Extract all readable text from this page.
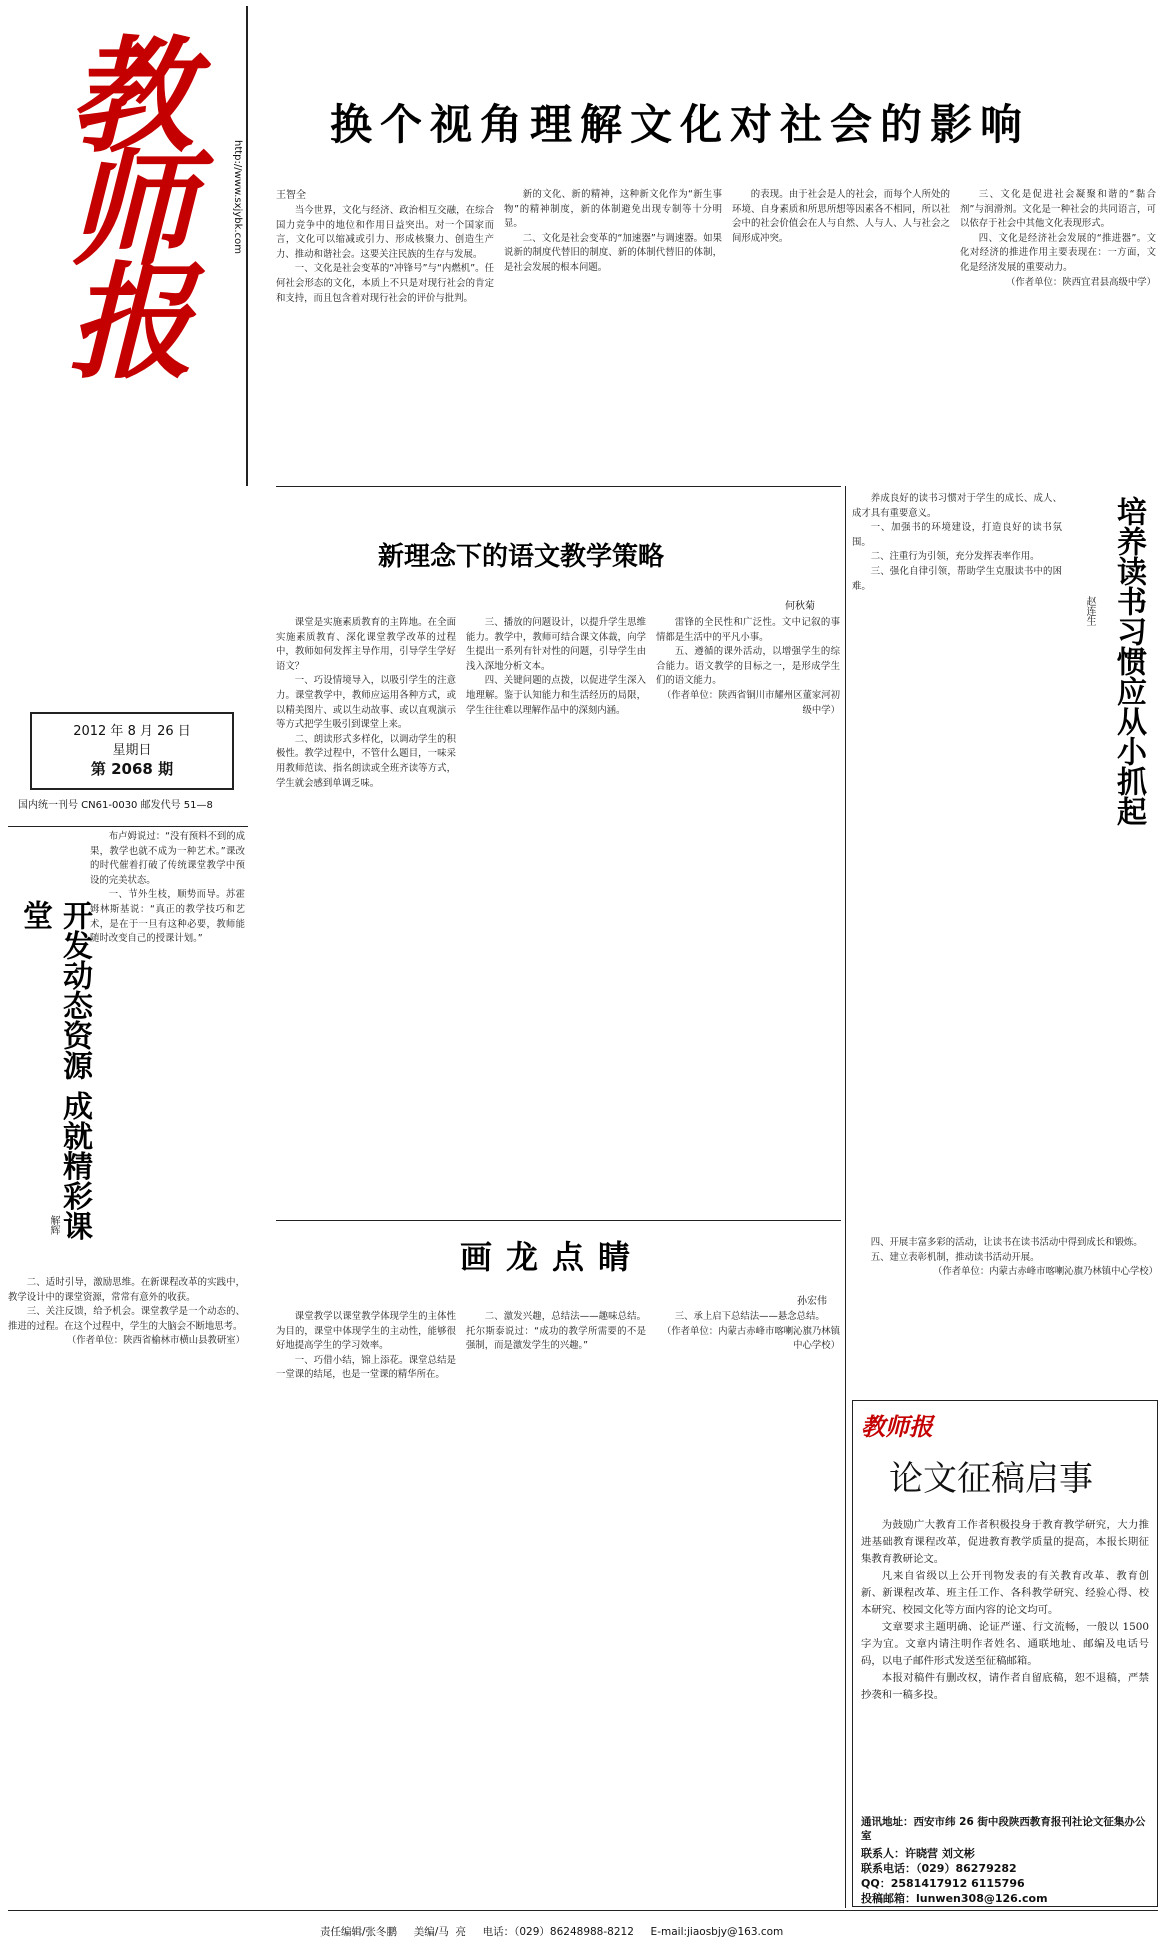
教师报	http://www.sxjybk.com
2012 年 8 月 26 日
星期日
第 2068 期
国内统一刊号 CN61-0030 邮发代号 51—8
换个视角理解文化对社会的影响
王智全

当今世界，文化与经济、政治相互交融，在综合国力竞争中的地位和作用日益突出。对一个国家而言，文化可以缩减或引力、形成核聚力、创造生产力、推动和谐社会。这要关注民族的生存与发展。

一、文化是社会变革的“冲锋号”与“内燃机”。任何社会形态的文化，本质上不只是对现行社会的肯定和支持，而且包含着对现行社会的评价与批判。

新的文化、新的精神，这种新文化作为“新生事物”的精神制度，新的体制避免出现专制等十分明显。

二、文化是社会变革的“加速器”与调速器。如果说新的制度代替旧的制度、新的体制代替旧的体制，是社会发展的根本问题。

的表现。由于社会是人的社会，而每个人所处的环境、自身素质和所思所想等因素各不相同，所以社会中的社会价值会在人与自然、人与人、人与社会之间形成冲突。

三、文化是促进社会凝聚和谐的“黏合剂”与润滑剂。文化是一种社会的共同语言，可以依存于社会中其他文化表现形式。

四、文化是经济社会发展的“推进器”。文化对经济的推进作用主要表现在：一方面，文化是经济发展的重要动力。

（作者单位：陕西宜君县高级中学）

新理念下的语文教学策略
何秋菊

课堂是实施素质教育的主阵地。在全面实施素质教育、深化课堂教学改革的过程中，教师如何发挥主导作用，引导学生学好语文？

一、巧设情境导入，以吸引学生的注意力。课堂教学中，教师应运用各种方式，或以精美图片、或以生动故事、或以直观演示等方式把学生吸引到课堂上来。

二、朗读形式多样化，以调动学生的积极性。教学过程中，不管什么题目，一味采用教师范读、指名朗读或全班齐读等方式，学生就会感到单调乏味。

三、播放的问题设计，以提升学生思维能力。教学中，教师可结合课文体裁，向学生提出一系列有针对性的问题，引导学生由浅入深地分析文本。

四、关键问题的点拨，以促进学生深入地理解。鉴于认知能力和生活经历的局限，学生往往难以理解作品中的深刻内涵。

雷锋的全民性和广泛性。文中记叙的事情都是生活中的平凡小事。

五、遵循的课外活动，以增强学生的综合能力。语文教学的目标之一，是形成学生们的语文能力。

（作者单位：陕西省铜川市耀州区董家河初级中学）

开发动态资源 成就精彩课堂
解辉

布卢姆说过：“没有预料不到的成果，教学也就不成为一种艺术。”课改的时代催着打破了传统课堂教学中预设的完美状态。

一、节外生枝，顺势而导。苏霍姆林斯基说：“真正的教学技巧和艺术，是在于一旦有这种必要，教师能随时改变自己的授课计划。”

二、适时引导，激励思维。在新课程改革的实践中，教学设计中的课堂资源，常常有意外的收获。

三、关注反馈，给予机会。课堂教学是一个动态的、推进的过程。在这个过程中，学生的大脑会不断地思考。

（作者单位：陕西省榆林市横山县教研室）

画龙点睛
孙宏伟

课堂教学以课堂教学体现学生的主体性为目的，课堂中体现学生的主动性，能够很好地提高学生的学习效率。

一、巧借小结，锦上添花。课堂总结是一堂课的结尾，也是一堂课的精华所在。

二、激发兴趣，总结法——趣味总结。托尔斯泰说过：“成功的教学所需要的不是强制，而是激发学生的兴趣。”

三、承上启下总结法——悬念总结。

（作者单位：内蒙古赤峰市喀喇沁旗乃林镇中心学校）

养成良好的读书习惯对于学生的成长、成人、成才具有重要意义。

一、加强书的环境建设，打造良好的读书氛围。

二、注重行为引领，充分发挥表率作用。

三、强化自律引领，帮助学生克服读书中的困难。	培养读书习惯应从小抓起
赵连生

四、开展丰富多彩的活动，让读书在读书活动中得到成长和锻炼。

五、建立表彰机制，推动读书活动开展。

（作者单位：内蒙古赤峰市喀喇沁旗乃林镇中心学校）

教师报
论文征稿启事

为鼓励广大教育工作者积极投身于教育教学研究，大力推进基础教育课程改革，促进教育教学质量的提高，本报长期征集教育教研论文。

凡来自省级以上公开刊物发表的有关教育改革、教育创新、新课程改革、班主任工作、各科教学研究、经验心得、校本研究、校园文化等方面内容的论文均可。

文章要求主题明确、论证严谨、行文流畅，一般以 1500 字为宜。文章内请注明作者姓名、通联地址、邮编及电话号码，以电子邮件形式发送至征稿邮箱。

本报对稿件有删改权，请作者自留底稿，恕不退稿，严禁抄袭和一稿多投。

通讯地址：西安市纬 26 街中段陕西教育报刊社论文征集办公室
联系人：许晓营 刘文彬
联系电话：（029）86279282
QQ：2581417912 6115796
投稿邮箱：lunwen308@126.com
责任编辑/张冬鹏     美编/马  亮     电话：（029）86248988-8212     E-mail:jiaosbjy@163.com
